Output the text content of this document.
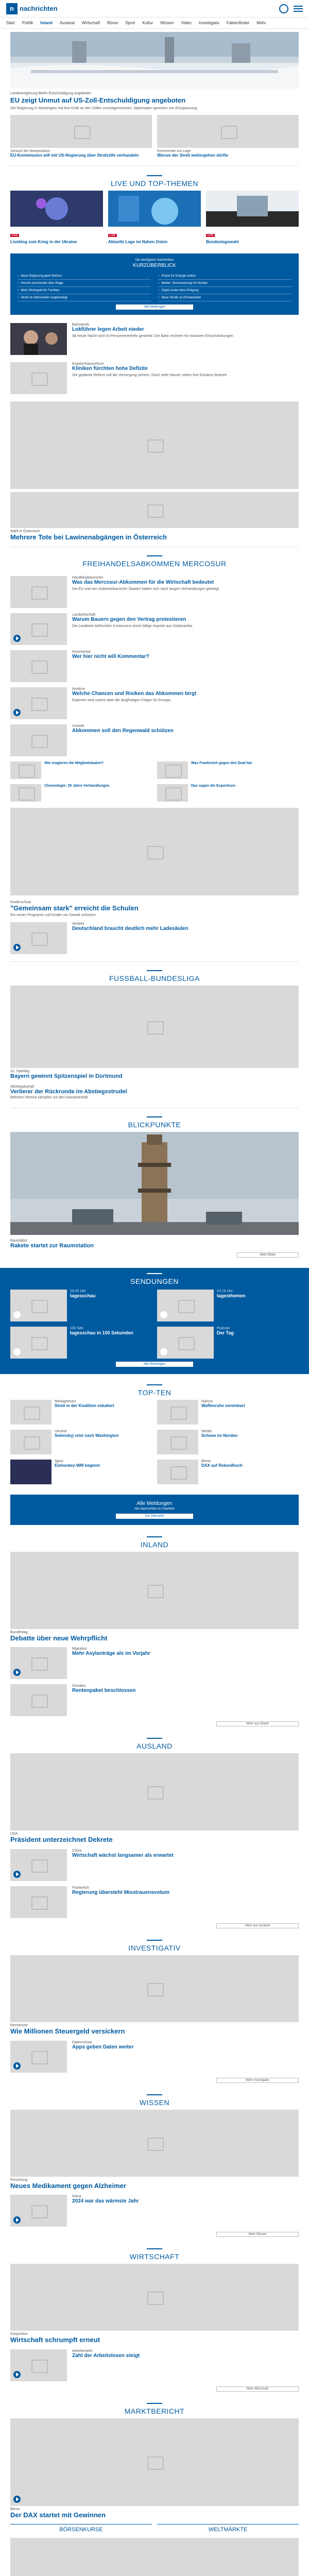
n nachrichten
Start Politik Inland Ausland Wirtschaft Börse Sport Kultur Wissen Video Investigativ Faktenfinder Mehr
Landesregierung Berlin Entschuldigung angeboten
EU zeigt Unmut auf US-Zoll-Entschuldigung angeboten
Die Regierung in Washington hat ihre Kritik an den Zöllen zurückgenommen. Diplomaten sprechen von Entspannung.
Vorwurf der Manipulation
EU-Kommission will mit US-Regierung über Strafzölle verhandeln
Kommentar zur Lage
Warum der Streit weitergehen dürfte
LIVE UND TOP-THEMEN
Live
Liveblog zum Krieg in der Ukraine
Live
Aktuelle Lage im Nahen Osten
Live
Bundestagswahl
Die wichtigsten Nachrichten
KURZÜBERBLICK
› Neue Regierung plant Reform
› Gericht entscheidet über Klage
› Mehr Wohngeld für Familien
› Streik im Nahverkehr angekündigt
› Preise für Energie sinken
› Wetter: Sturmwarnung für Norden
› Gipfel endet ohne Einigung
› Neue Studie zu Klimawandel
Alle Meldungen
Bahnstreik
Lokführer legen Arbeit nieder
Ab heute Nacht wird im Personenverkehr gestreikt. Die Bahn rechnet mit massiven Einschränkungen.
Krankenhausreform
Kliniken fürchten hohe Defizite
Die geplante Reform soll die Versorgung sichern. Doch viele Häuser sehen ihre Existenz bedroht.
Wahl in Österreich
Mehrere Tote bei Lawinenabgängen in Österreich
FREIHANDELSABKOMMEN MERCOSUR
Handelsabkommen
Was das Mercosur-Abkommen für die Wirtschaft bedeutet
Die EU und vier südamerikanische Staaten haben sich nach langen Verhandlungen geeinigt.
Landwirtschaft
Warum Bauern gegen den Vertrag protestieren
Die Landwirte befürchten Konkurrenz durch billige Importe aus Südamerika.
Kommentar
Wer hier nicht will Kommentar?
Analyse
Welche Chancen und Risiken das Abkommen birgt
Experten sind uneins über die langfristigen Folgen für Europa.
Umwelt
Abkommen soll den Regenwald schützen
Wie reagieren die Mitgliedstaaten?	Was Frankreich gegen den Deal hat
Chronologie: 25 Jahre Verhandlungen	Das sagen die Exporteure
Kinderschutz
"Gemeinsam stark" erreicht die Schulen
Ein neues Programm soll Kinder vor Gewalt schützen.
Verkehr
Deutschland braucht deutlich mehr Ladesäulen
FUSSBALL-BUNDESLIGA
22. Spieltag
Bayern gewinnt Spitzenspiel in Dortmund
Abstiegskampf
Verlierer der Rückrunde im Abstiegsstrudel
Mehrere Vereine kämpfen um den Klassenerhalt.
BLICKPUNKTE
Raumfahrt
Rakete startet zur Raumstation
Mehr Bilder
SENDUNGEN
20:00 Uhr
tagesschau
22:15 Uhr
tagesthemen
100 Sek.
tagesschau in 100 Sekunden
Podcast
Der Tag
Alle Sendungen
TOP-TEN
Meistgelesen
Streit in der Koalition eskaliert
Nahost
Waffenruhe vereinbart
Ukraine
Selenskyj reist nach Washington
Wetter
Schnee im Norden
Sport
Eishockey-WM beginnt
Börse
DAX auf Rekordhoch
Alle Meldungen
Alle Nachrichten im Überblick
Zur Übersicht
INLAND
Bundestag
Debatte über neue Wehrpflicht
Migration
Mehr Asylanträge als im Vorjahr
Soziales
Rentenpaket beschlossen
Mehr aus Inland
AUSLAND
USA
Präsident unterzeichnet Dekrete
China
Wirtschaft wächst langsamer als erwartet
Frankreich
Regierung übersteht Misstrauensvotum
Mehr aus Ausland
INVESTIGATIV
Recherche
Wie Millionen Steuergeld versickern
Datenschutz
Apps geben Daten weiter
Mehr Investigativ
WISSEN
Forschung
Neues Medikament gegen Alzheimer
Klima
2024 war das wärmste Jahr
Mehr Wissen
WIRTSCHAFT
Konjunktur
Wirtschaft schrumpft erneut
Arbeitsmarkt
Zahl der Arbeitslosen steigt
Mehr Wirtschaft
MARKTBERICHT
Börse
Der DAX startet mit Gewinnen
BÖRSENKURSE	WELTMÄRKTE
